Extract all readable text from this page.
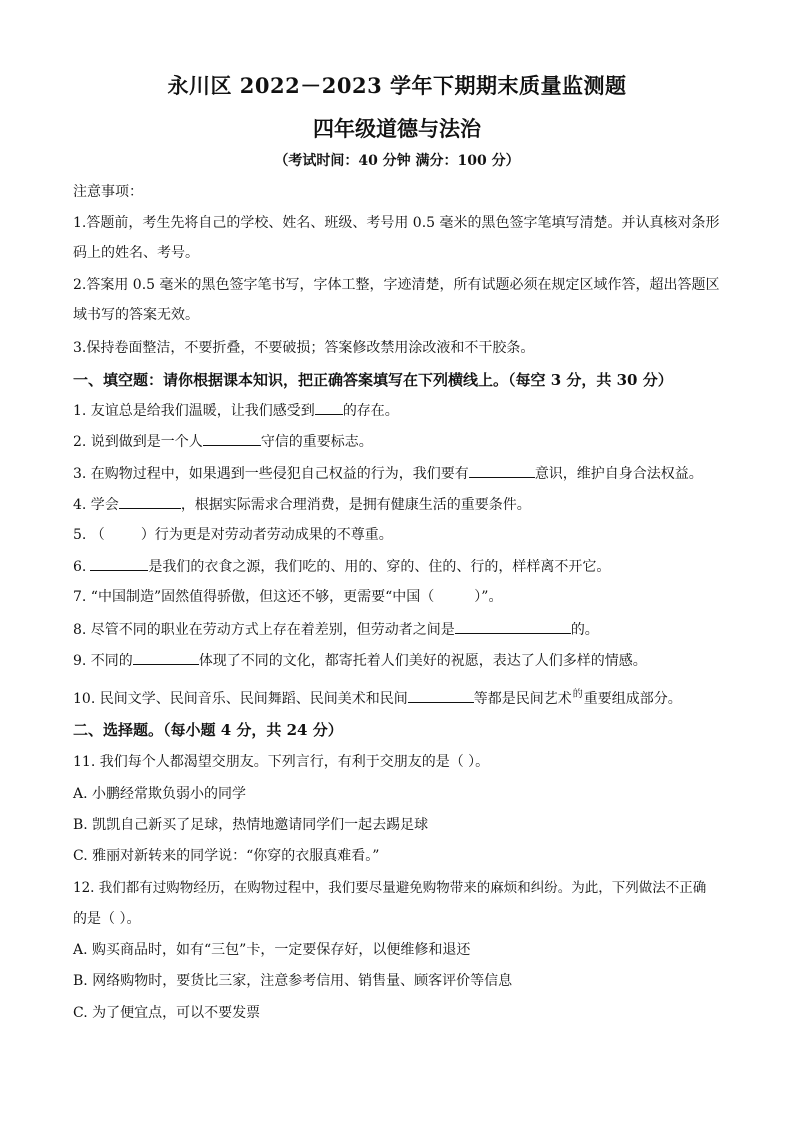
永川区 2022－2023 学年下期期末质量监测题
四年级道德与法治
（考试时间：40 分钟 满分：100 分）
注意事项：
1.答题前，考生先将自己的学校、姓名、班级、考号用 0.5 毫米的黑色签字笔填写清楚。并认真核对条形
码上的姓名、考号。
2.答案用 0.5 毫米的黑色签字笔书写，字体工整，字迹清楚，所有试题必须在规定区域作答，超出答题区
域书写的答案无效。
3.保持卷面整洁，不要折叠，不要破损；答案修改禁用涂改液和不干胶条。
一、填空题：请你根据课本知识，把正确答案填写在下列横线上。（每空 3 分，共 30 分）
1. 友谊总是给我们温暖，让我们感受到 的存在。
2. 说到做到是一个人	守信的重要标志。
3. 在购物过程中，如果遇到一些侵犯自己权益的行为，我们要有	意识，维护自身合法权益。
4. 学会	，根据实际需求合理消费，是拥有健康生活的重要条件。
5. （	）行为更是对劳动者劳动成果的不尊重。
6.	是我们的衣食之源，我们吃的、用的、穿的、住的、行的，样样离不开它。
7. “中国制造”固然值得骄傲，但这还不够，更需要“中国（	）”。
8. 尽管不同的职业在劳动方式上存在着差别，但劳动者之间是	的。
9. 不同的	体现了不同的文化，都寄托着人们美好的祝愿，表达了人们多样的情感。
10. 民间文学、民间音乐、民间舞蹈、民间美术和民间	等都是民间艺术$^的$重要组成部分。
二、选择题。（每小题 4 分，共 24 分）
11. 我们每个人都渴望交朋友。下列言行，有利于交朋友的是（ ）。
A. 小鹏经常欺负弱小的同学
B. 凯凯自己新买了足球，热情地邀请同学们一起去踢足球
C. 雅丽对新转来的同学说：“你穿的衣服真难看。”
12. 我们都有过购物经历，在购物过程中，我们要尽量避免购物带来的麻烦和纠纷。为此，下列做法不正确
的是（ ）。
A. 购买商品时，如有“三包”卡，一定要保存好，以便维修和退还
B. 网络购物时，要货比三家，注意参考信用、销售量、顾客评价等信息
C. 为了便宜点，可以不要发票
